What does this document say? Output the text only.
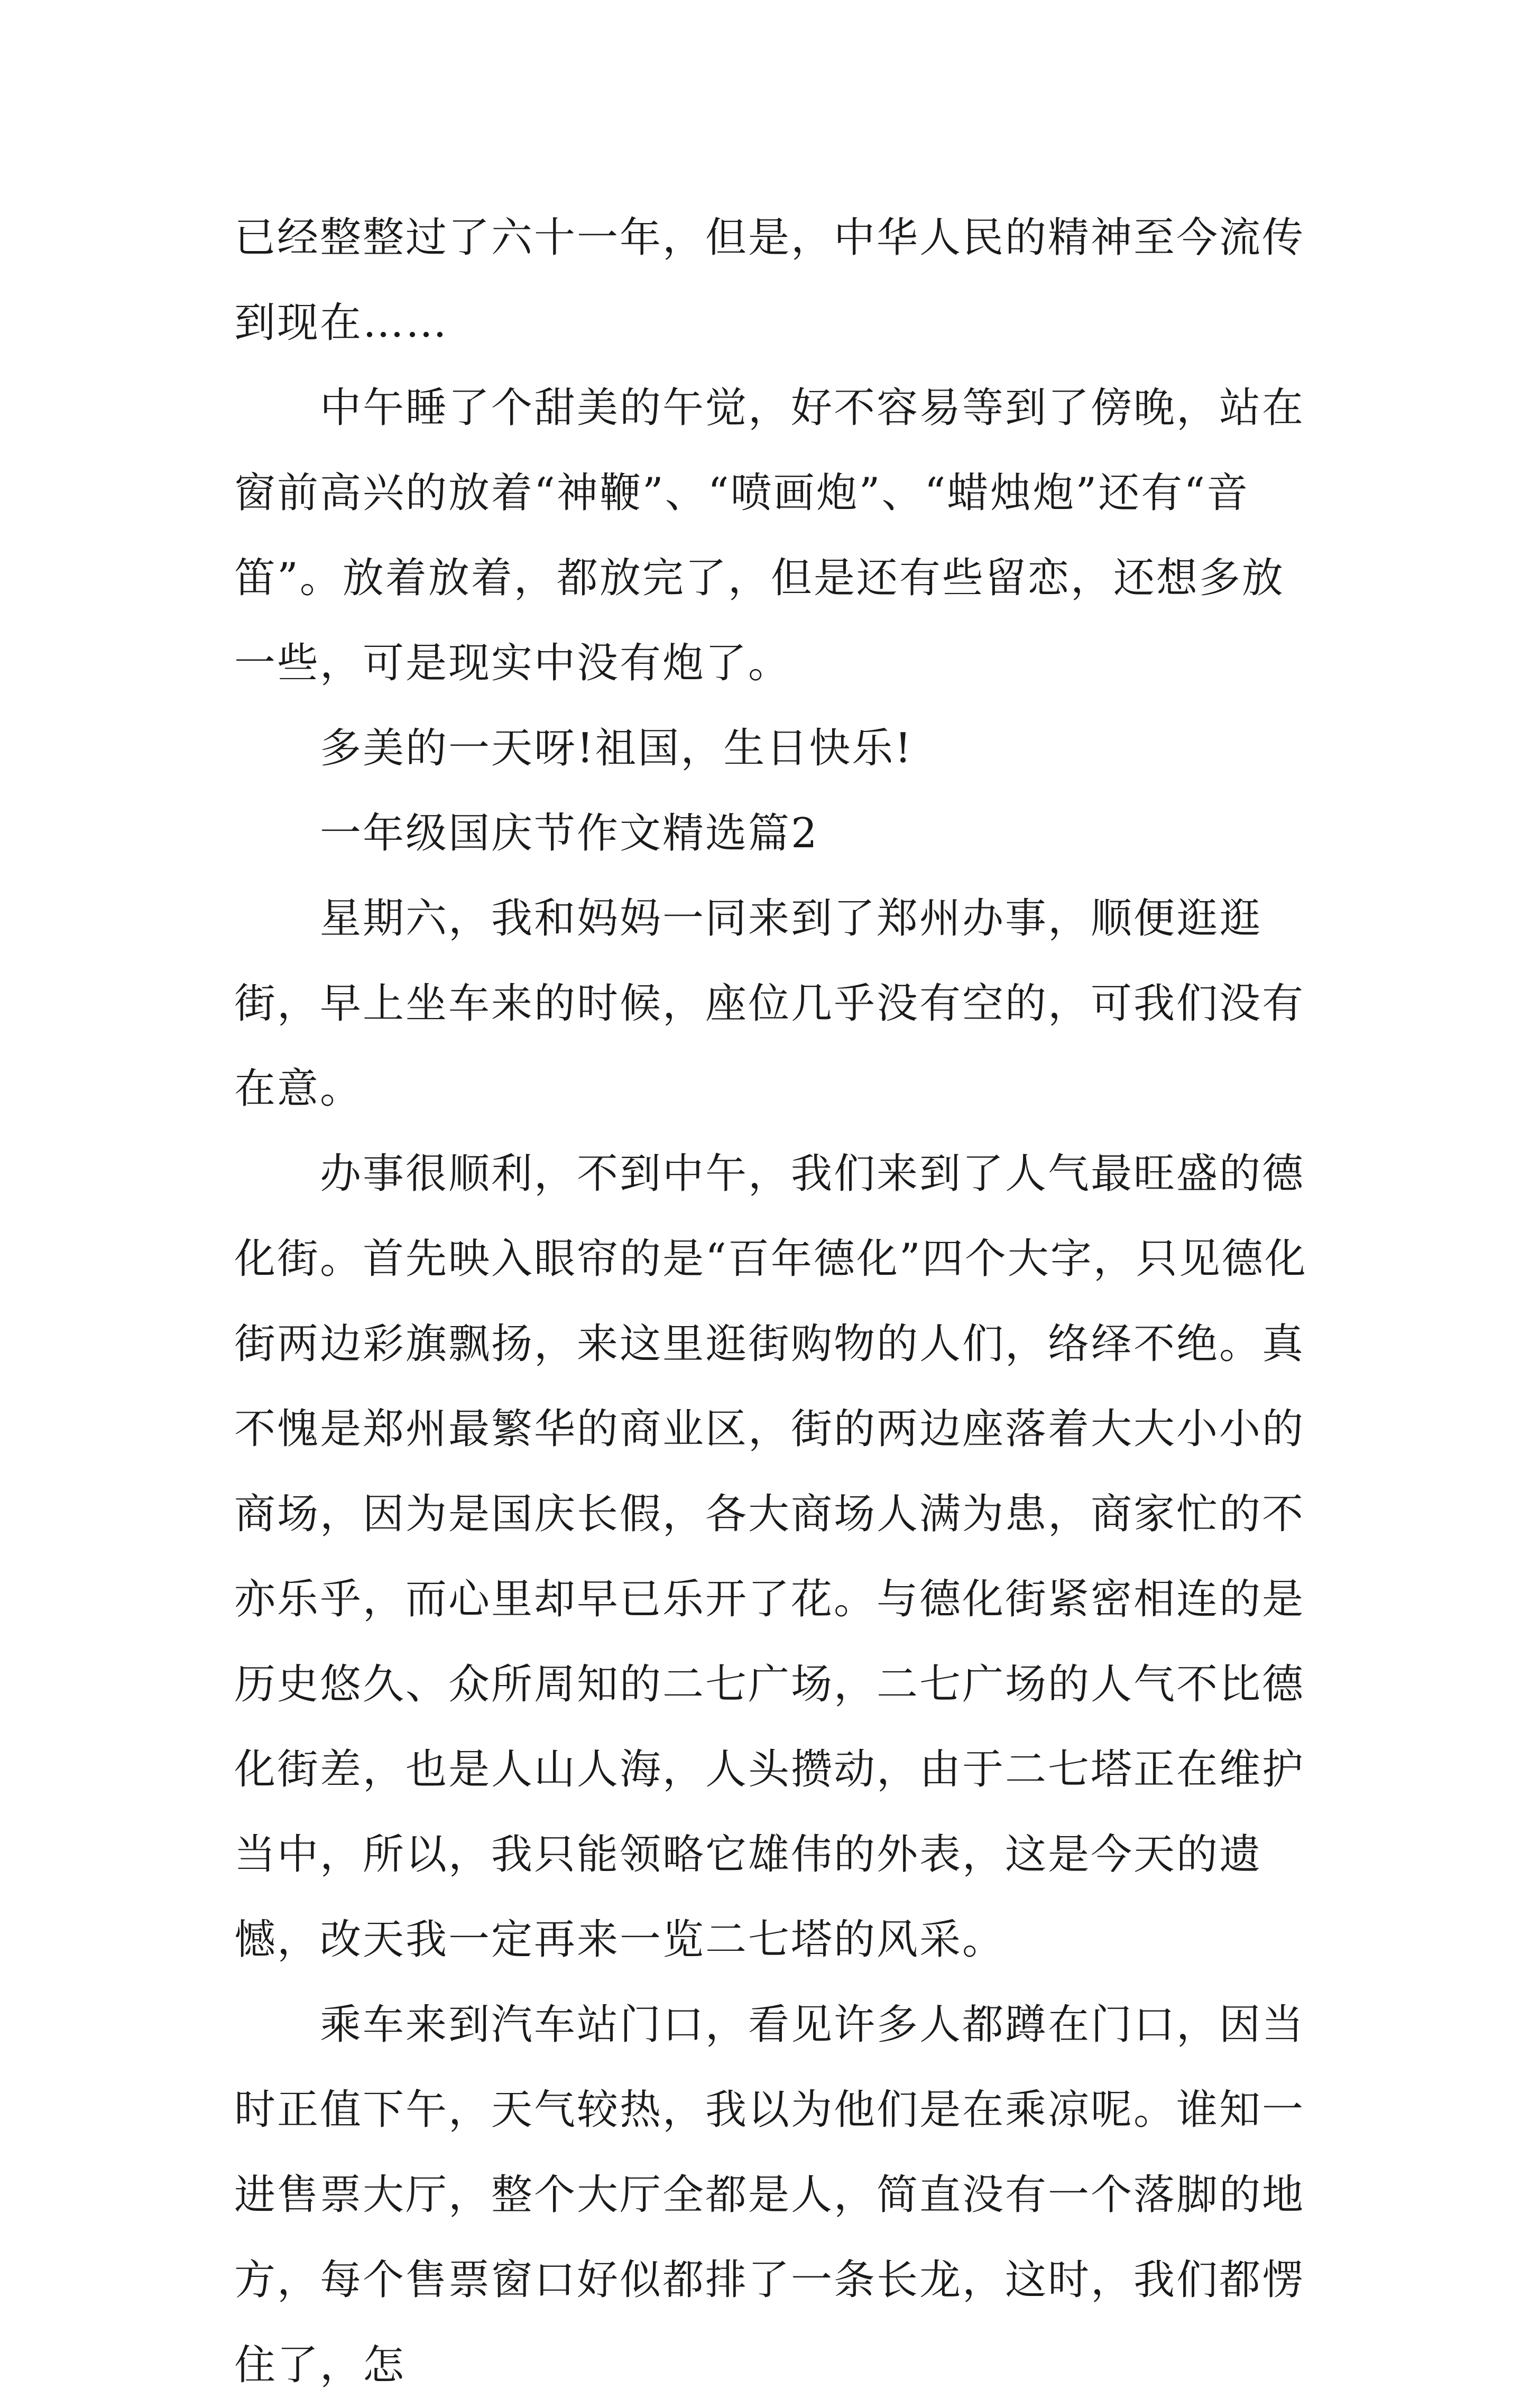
已经整整过了六十一年，但是，中华人民的精神至今流传到现在……

中午睡了个甜美的午觉，好不容易等到了傍晚，站在窗前高兴的放着“神鞭”、“喷画炮”、“蜡烛炮”还有“音笛”。放着放着，都放完了，但是还有些留恋，还想多放一些，可是现实中没有炮了。

多美的一天呀!祖国，生日快乐!

一年级国庆节作文精选篇2

星期六，我和妈妈一同来到了郑州办事，顺便逛逛街，早上坐车来的时候，座位几乎没有空的，可我们没有在意。

办事很顺利，不到中午，我们来到了人气最旺盛的德化街。首先映入眼帘的是“百年德化”四个大字，只见德化街两边彩旗飘扬，来这里逛街购物的人们，络绎不绝。真不愧是郑州最繁华的商业区，街的两边座落着大大小小的商场，因为是国庆长假，各大商场人满为患，商家忙的不亦乐乎，而心里却早已乐开了花。与德化街紧密相连的是历史悠久、众所周知的二七广场，二七广场的人气不比德化街差，也是人山人海，人头攒动，由于二七塔正在维护当中，所以，我只能领略它雄伟的外表，这是今天的遗憾，改天我一定再来一览二七塔的风采。

乘车来到汽车站门口，看见许多人都蹲在门口，因当时正值下午，天气较热，我以为他们是在乘凉呢。谁知一进售票大厅，整个大厅全都是人，简直没有一个落脚的地方，每个售票窗口好似都排了一条长龙，这时，我们都愣住了，怎
